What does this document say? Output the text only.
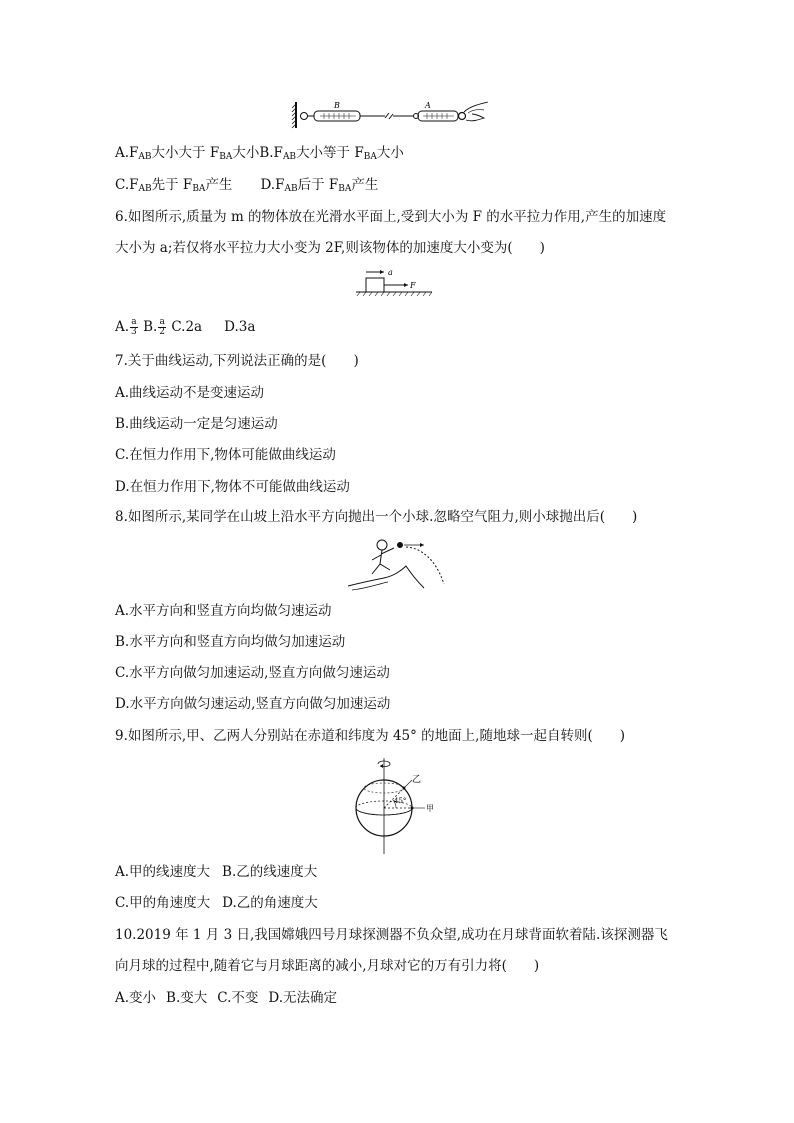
B	A
$A.F_{AB}$大小大于 $F_{BA}$大小$B.F_{AB}$大小等于 $F_{BA}$大小
$C.F_{AB}$先于 $F_{BA}$产生 $D.F_{AB}$后于 $F_{BA}$产生
6.如图所示,质量为 m 的物体放在光滑水平面上,受到大小为 F 的水平拉力作用,产生的加速度
大小为 a;若仅将水平拉力大小变为 2F,则该物体的加速度大小变为(　　)
a
F
A. $\frac{a}{3} B$. $\frac{a}{2} C.2a$ D.3a
7.关于曲线运动,下列说法正确的是(　　)
A.曲线运动不是变速运动
B.曲线运动一定是匀速运动
C.在恒力作用下,物体可能做曲线运动
D.在恒力作用下,物体不可能做曲线运动
8.如图所示,某同学在山坡上沿水平方向抛出一个小球.忽略空气阻力,则小球抛出后(　　)
A.水平方向和竖直方向均做匀速运动
B.水平方向和竖直方向均做匀加速运动
C.水平方向做匀加速运动,竖直方向做匀速运动
D.水平方向做匀速运动,竖直方向做匀加速运动
9.如图所示,甲、乙两人分别站在赤道和纬度为 45° 的地面上,随地球一起自转则(　　)
45°
乙
甲
A.甲的线速度大 B.乙的线速度大
C.甲的角速度大 D.乙的角速度大
10.2019 年 1 月 3 日,我国嫦娥四号月球探测器不负众望,成功在月球背面软着陆.该探测器飞
向月球的过程中,随着它与月球距离的减小,月球对它的万有引力将(　　)
A.变小 B.变大 C.不变 D.无法确定
